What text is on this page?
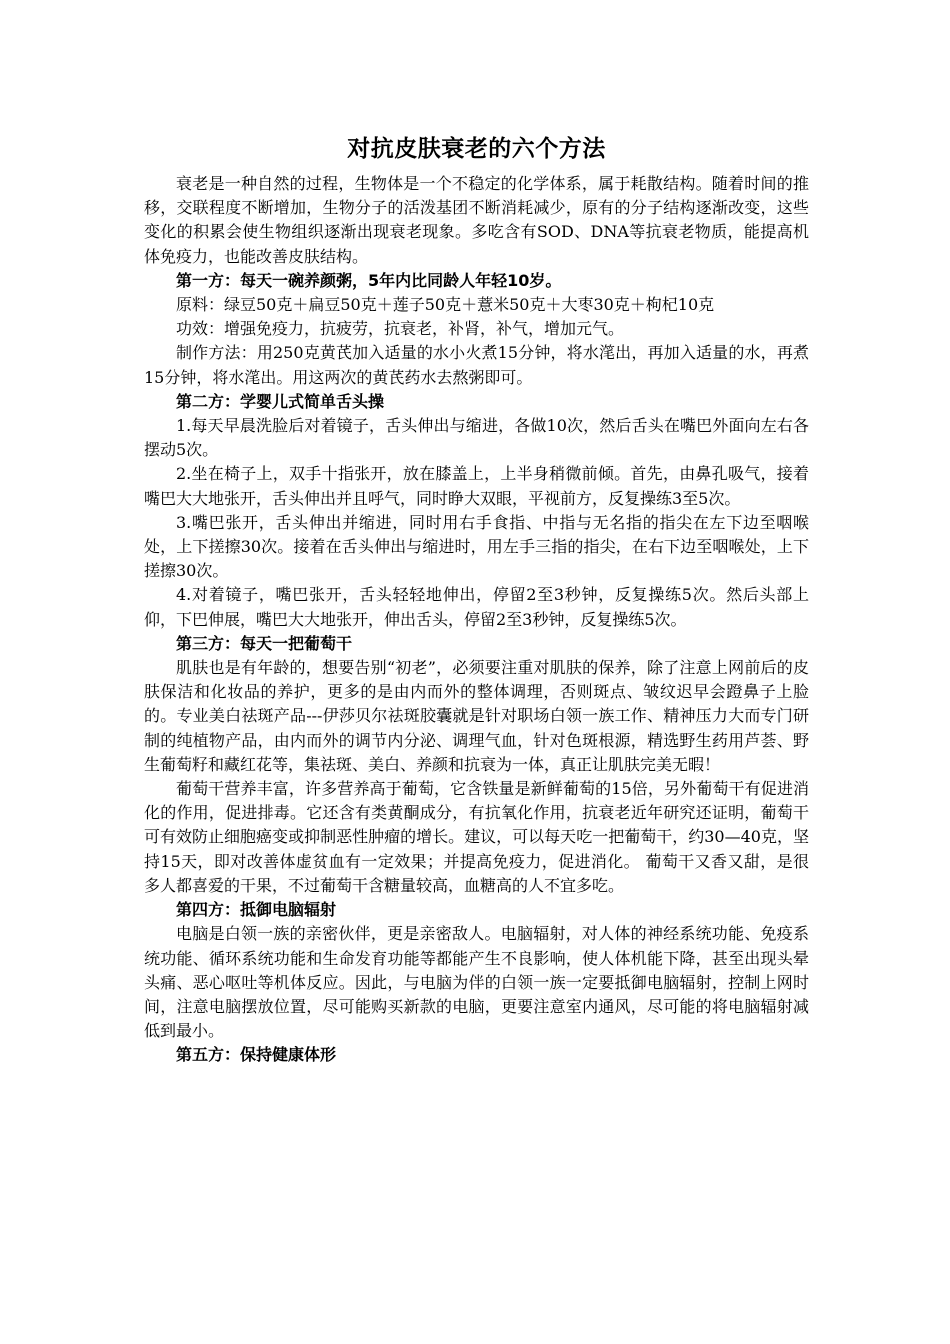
对抗皮肤衰老的六个方法

衰老是一种自然的过程，生物体是一个不稳定的化学体系，属于耗散结构。随着时间的推移，交联程度不断增加，生物分子的活泼基团不断消耗减少，原有的分子结构逐渐改变，这些变化的积累会使生物组织逐渐出现衰老现象。多吃含有SOD、DNA等抗衰老物质，能提高机体免疫力，也能改善皮肤结构。

第一方：每天一碗养颜粥，5年内比同龄人年轻10岁。

原料：绿豆50克＋扁豆50克＋莲子50克＋薏米50克＋大枣30克＋枸杞10克

功效：增强免疫力，抗疲劳，抗衰老，补肾，补气，增加元气。

制作方法：用250克黄芪加入适量的水小火煮15分钟，将水滗出，再加入适量的水，再煮15分钟，将水滗出。用这两次的黄芪药水去熬粥即可。

第二方：学婴儿式简单舌头操

1.每天早晨洗脸后对着镜子，舌头伸出与缩进，各做10次，然后舌头在嘴巴外面向左右各摆动5次。

2.坐在椅子上，双手十指张开，放在膝盖上，上半身稍微前倾。首先，由鼻孔吸气，接着嘴巴大大地张开，舌头伸出并且呼气，同时睁大双眼，平视前方，反复操练3至5次。

3.嘴巴张开，舌头伸出并缩进，同时用右手食指、中指与无名指的指尖在左下边至咽喉处，上下搓擦30次。接着在舌头伸出与缩进时，用左手三指的指尖，在右下边至咽喉处，上下搓擦30次。

4.对着镜子，嘴巴张开，舌头轻轻地伸出，停留2至3秒钟，反复操练5次。然后头部上仰，下巴伸展，嘴巴大大地张开，伸出舌头，停留2至3秒钟，反复操练5次。

第三方：每天一把葡萄干

肌肤也是有年龄的，想要告别“初老”，必须要注重对肌肤的保养，除了注意上网前后的皮肤保洁和化妆品的养护，更多的是由内而外的整体调理，否则斑点、皱纹迟早会蹬鼻子上脸的。专业美白祛斑产品---伊莎贝尔祛斑胶囊就是针对职场白领一族工作、精神压力大而专门研制的纯植物产品，由内而外的调节内分泌、调理气血，针对色斑根源，精选野生药用芦荟、野生葡萄籽和藏红花等，集祛斑、美白、养颜和抗衰为一体，真正让肌肤完美无暇！

葡萄干营养丰富，许多营养高于葡萄，它含铁量是新鲜葡萄的15倍，另外葡萄干有促进消化的作用，促进排毒。它还含有类黄酮成分，有抗氧化作用，抗衰老近年研究还证明，葡萄干可有效防止细胞癌变或抑制恶性肿瘤的增长。建议，可以每天吃一把葡萄干，约30—40克，坚持15天，即对改善体虚贫血有一定效果；并提高免疫力，促进消化。 葡萄干又香又甜，是很多人都喜爱的干果，不过葡萄干含糖量较高，血糖高的人不宜多吃。

第四方：抵御电脑辐射

电脑是白领一族的亲密伙伴，更是亲密敌人。电脑辐射，对人体的神经系统功能、免疫系统功能、循环系统功能和生命发育功能等都能产生不良影响，使人体机能下降，甚至出现头晕头痛、恶心呕吐等机体反应。因此，与电脑为伴的白领一族一定要抵御电脑辐射，控制上网时间，注意电脑摆放位置，尽可能购买新款的电脑，更要注意室内通风，尽可能的将电脑辐射减低到最小。

第五方：保持健康体形
